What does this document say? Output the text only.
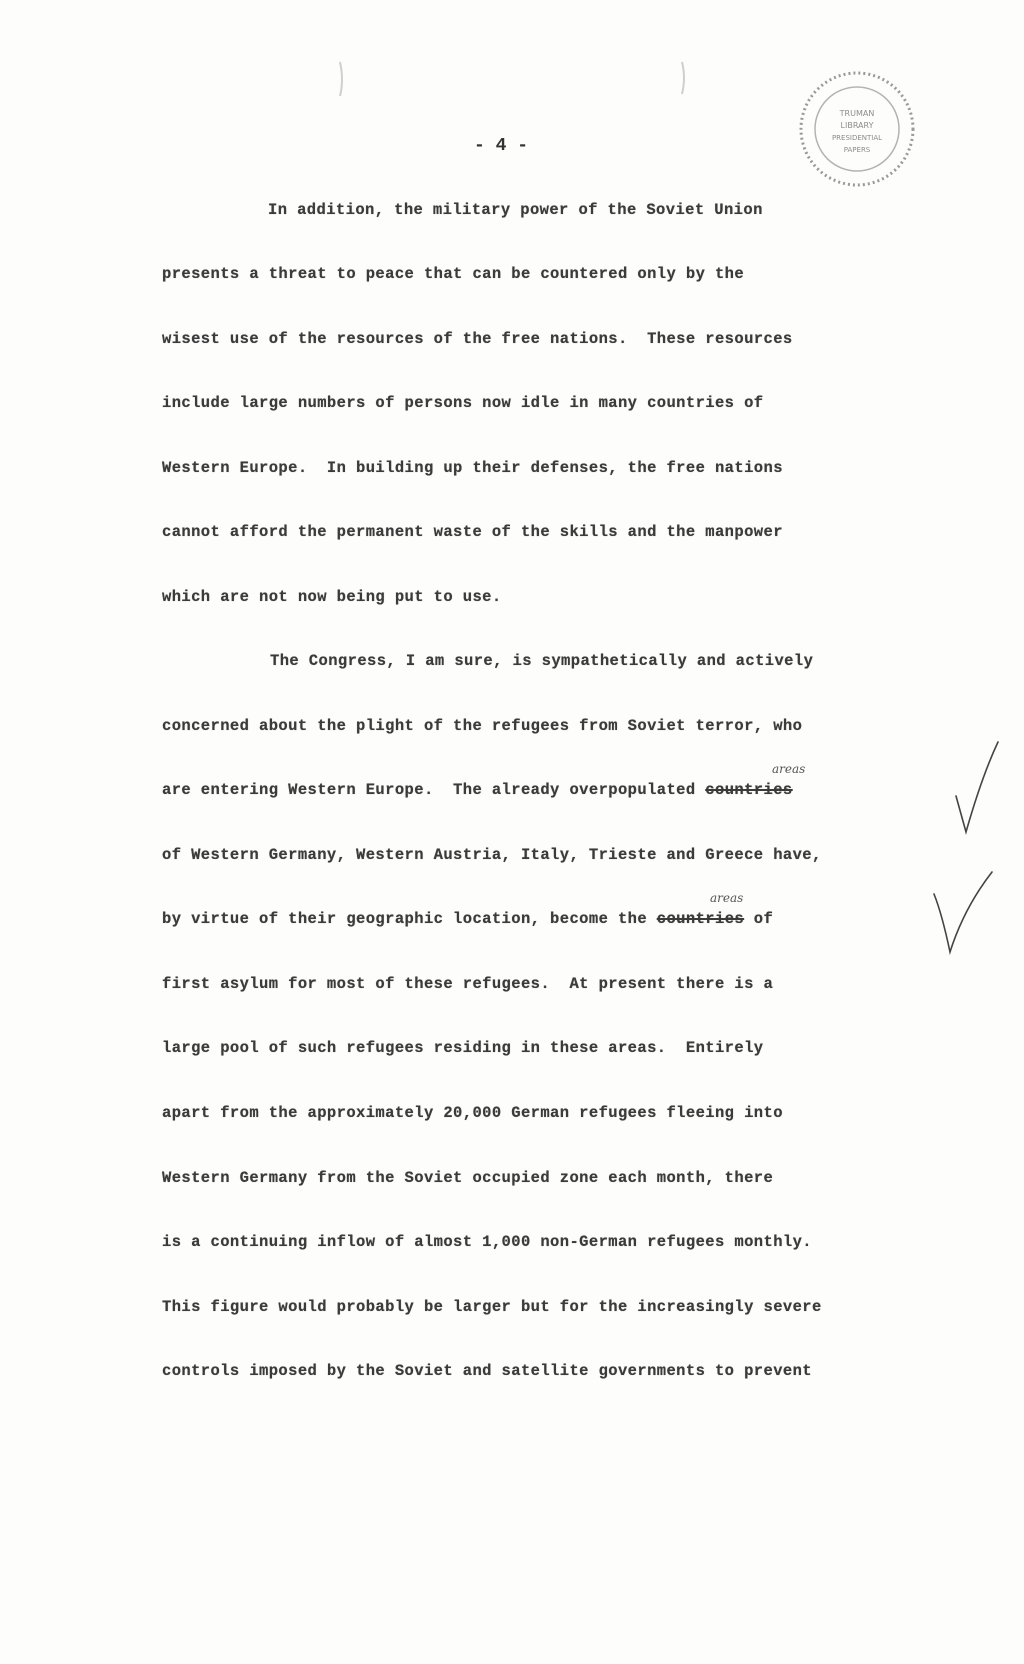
TRUMAN
LIBRARY
PRESIDENTIAL
PAPERS
- 4 -

In addition, the military power of the Soviet Union

presents a threat to peace that can be countered only by the

wisest use of the resources of the free nations.  These resources

include large numbers of persons now idle in many countries of

Western Europe.  In building up their defenses, the free nations

cannot afford the permanent waste of the skills and the manpower

which are not now being put to use.

The Congress, I am sure, is sympathetically and actively

concerned about the plight of the refugees from Soviet terror, who

are entering Western Europe.  The already overpopulated countries

areas

of Western Germany, Western Austria, Italy, Trieste and Greece have,

by virtue of their geographic location, become the countries of

areas

first asylum for most of these refugees.  At present there is a

large pool of such refugees residing in these areas.  Entirely

apart from the approximately 20,000 German refugees fleeing into

Western Germany from the Soviet occupied zone each month, there

is a continuing inflow of almost 1,000 non-German refugees monthly.

This figure would probably be larger but for the increasingly severe

controls imposed by the Soviet and satellite governments to prevent
